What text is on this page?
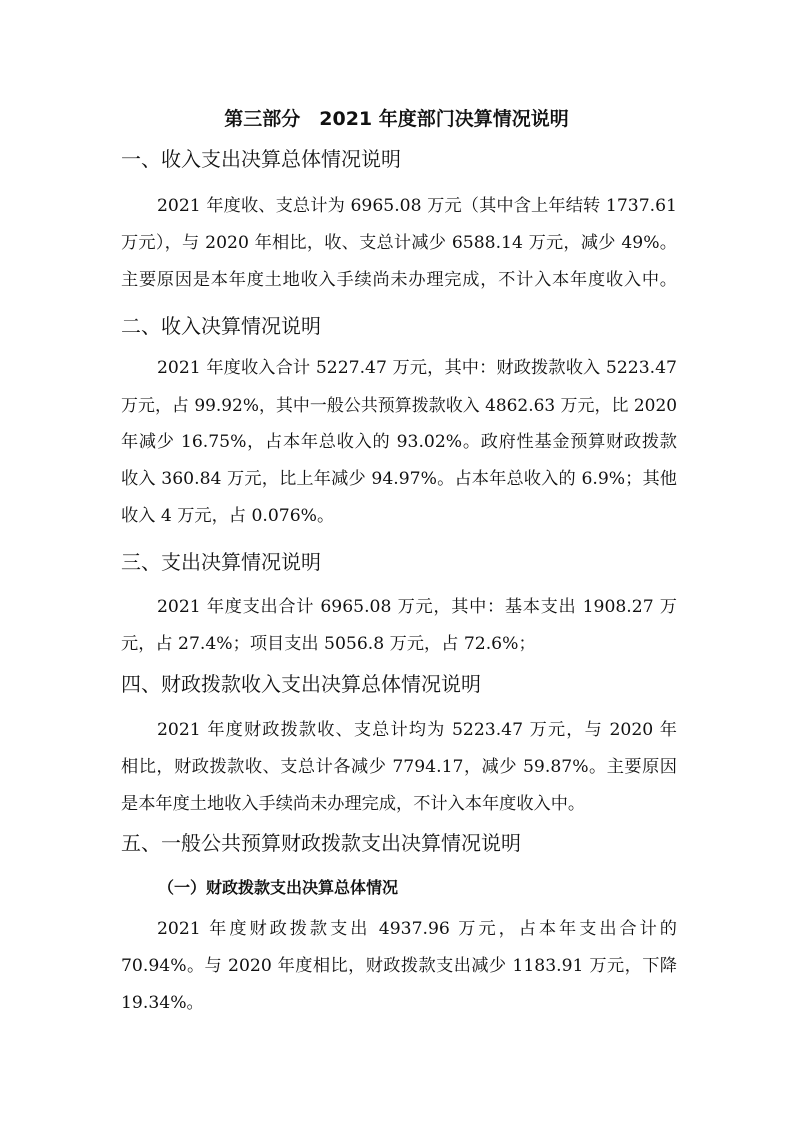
第三部分　2021 年度部门决算情况说明
一、收入支出决算总体情况说明
2021 年度收、支总计为 6965.08 万元（其中含上年结转 1737.61
万元），与 2020 年相比，收、支总计减少 6588.14 万元，减少 49%。
主要原因是本年度土地收入手续尚未办理完成，不计入本年度收入中。
二、收入决算情况说明
2021 年度收入合计 5227.47 万元，其中：财政拨款收入 5223.47
万元，占 99.92%，其中一般公共预算拨款收入 4862.63 万元，比 2020
年减少 16.75%，占本年总收入的 93.02%。政府性基金预算财政拨款
收入 360.84 万元，比上年减少 94.97%。占本年总收入的 6.9%；其他
收入 4 万元，占 0.076%。
三、支出决算情况说明
2021 年度支出合计 6965.08 万元，其中：基本支出 1908.27 万
元，占 27.4%；项目支出 5056.8 万元，占 72.6%；
四、财政拨款收入支出决算总体情况说明
2021 年度财政拨款收、支总计均为 5223.47 万元，与 2020 年
相比，财政拨款收、支总计各减少 7794.17，减少 59.87%。主要原因
是本年度土地收入手续尚未办理完成，不计入本年度收入中。
五、一般公共预算财政拨款支出决算情况说明
（一）财政拨款支出决算总体情况
2021 年度财政拨款支出 4937.96 万元，占本年支出合计的
70.94%。与 2020 年度相比，财政拨款支出减少 1183.91 万元，下降
19.34%。
